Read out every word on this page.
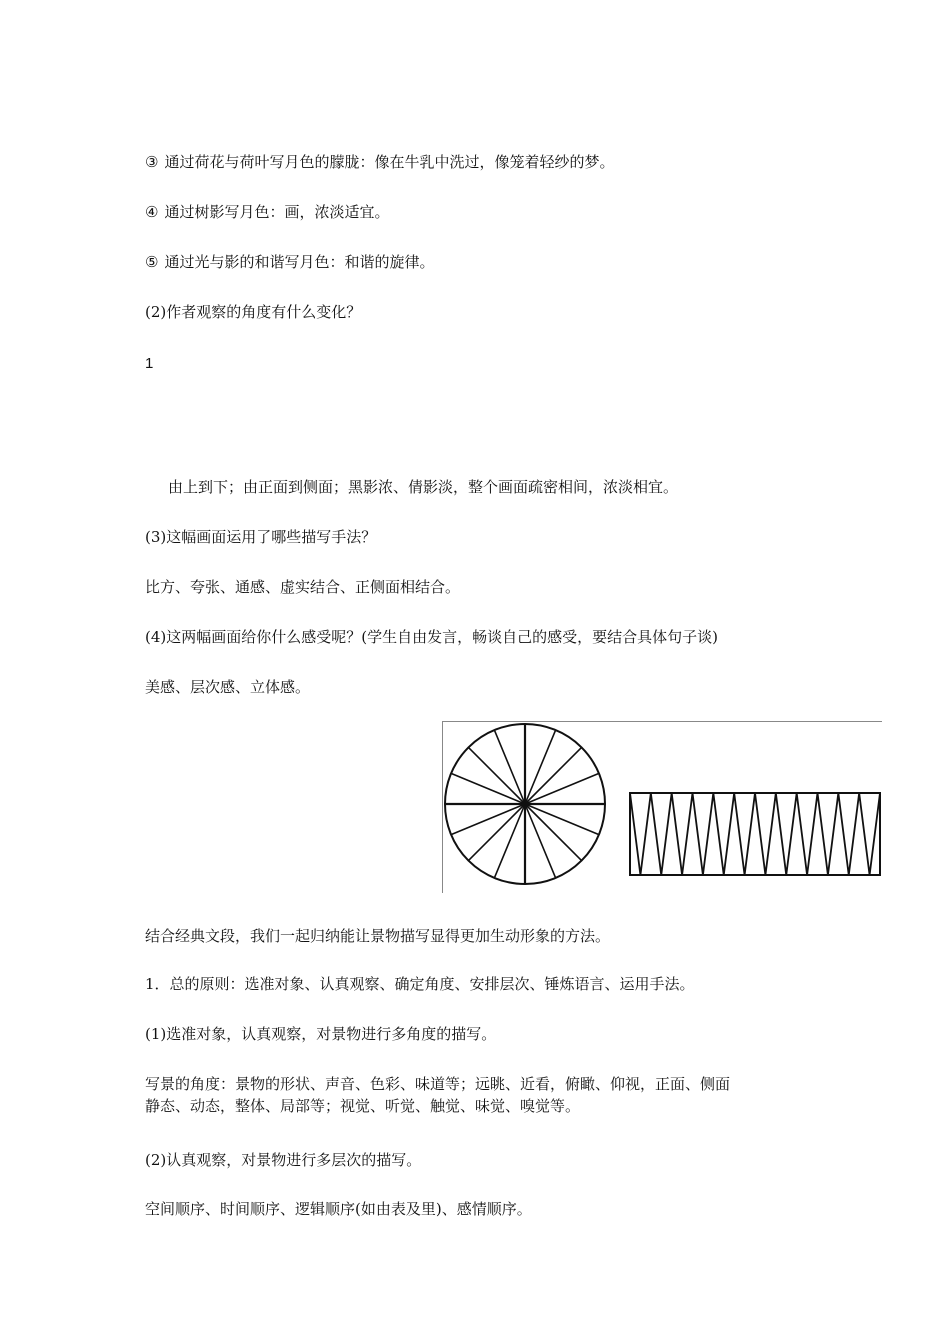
③ 通过荷花与荷叶写月色的朦胧：像在牛乳中洗过，像笼着轻纱的梦。
④ 通过树影写月色：画，浓淡适宜。
⑤ 通过光与影的和谐写月色：和谐的旋律。
(2)作者观察的角度有什么变化？
1
由上到下；由正面到侧面；黑影浓、倩影淡，整个画面疏密相间，浓淡相宜。
(3)这幅画面运用了哪些描写手法？
比方、夸张、通感、虚实结合、正侧面相结合。
(4)这两幅画面给你什么感受呢？(学生自由发言，畅谈自己的感受，要结合具体句子谈)
美感、层次感、立体感。
结合经典文段，我们一起归纳能让景物描写显得更加生动形象的方法。
1．总的原则：选准对象、认真观察、确定角度、安排层次、锤炼语言、运用手法。
(1)选准对象，认真观察，对景物进行多角度的描写。
写景的角度：景物的形状、声音、色彩、味道等；远眺、近看，俯瞰、仰视，正面、侧面
静态、动态，整体、局部等；视觉、听觉、触觉、味觉、嗅觉等。
(2)认真观察，对景物进行多层次的描写。
空间顺序、时间顺序、逻辑顺序(如由表及里)、感情顺序。
